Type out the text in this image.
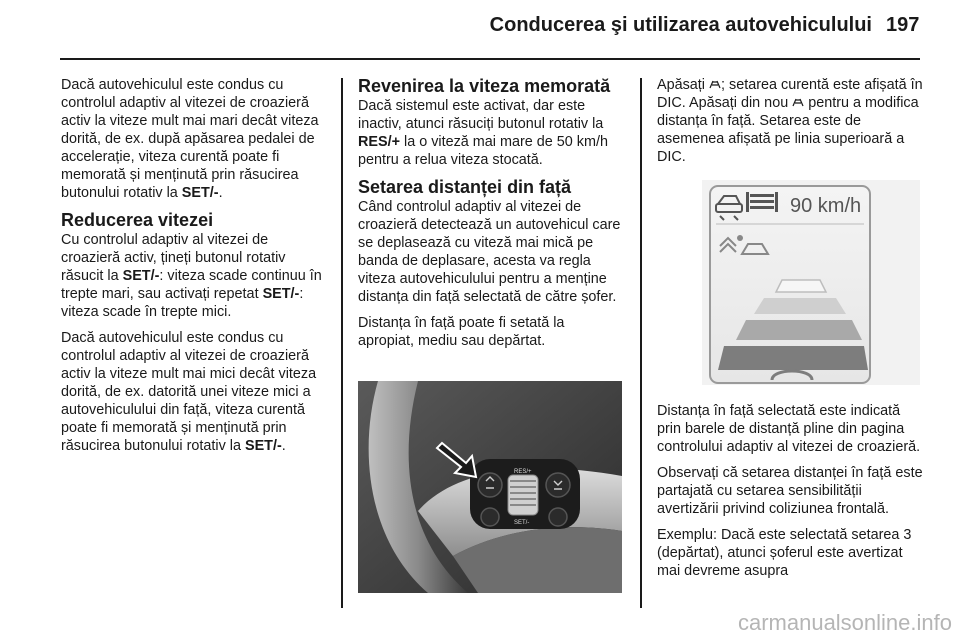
Conducerea şi utilizarea autovehiculului 197

Dacă autovehiculul este condus cu controlul adaptiv al vitezei de croazieră activ la viteze mult mai mari decât viteza dorită, de ex. după apăsarea pedalei de accelerație, viteza curentă poate fi memorată și menținută prin răsucirea butonului rotativ la SET/-.

Reducerea vitezei

Cu controlul adaptiv al vitezei de croazieră activ, țineți butonul rotativ răsucit la SET/-: viteza scade continuu în trepte mari, sau activați repetat SET/-: viteza scade în trepte mici.

Dacă autovehiculul este condus cu controlul adaptiv al vitezei de croazieră activ la viteze mult mai mici decât viteza dorită, de ex. datorită unei viteze mici a autovehiculului din față, viteza curentă poate fi memorată și menținută prin răsucirea butonului rotativ la SET/-.

Revenirea la viteza memorată

Dacă sistemul este activat, dar este inactiv, atunci răsuciți butonul rotativ la RES/+ la o viteză mai mare de 50 km/h pentru a relua viteza stocată.

Setarea distanței din față

Când controlul adaptiv al vitezei de croazieră detectează un autovehicul care se deplasează cu viteză mai mică pe banda de deplasare, acesta va regla viteza autovehiculului pentru a menține distanța din față selectată de către șofer.

Distanța în față poate fi setată la apropiat, mediu sau depărtat.

RES/+
SET/-

Apăsați ; setarea curentă este afișată în DIC. Apăsați din nou  pentru a modifica distanța în față. Setarea este de asemenea afișată pe linia superioară a DIC.

Distanța în față selectată este indicată prin barele de distanță pline din pagina controlului adaptiv al vitezei de croazieră.

Observați că setarea distanței în față este partajată cu setarea sensibilității avertizării privind coliziunea frontală.

Exemplu: Dacă este selectată setarea 3 (depărtat), atunci șoferul este avertizat mai devreme asupra

90 km/h
carmanualsonline.info
